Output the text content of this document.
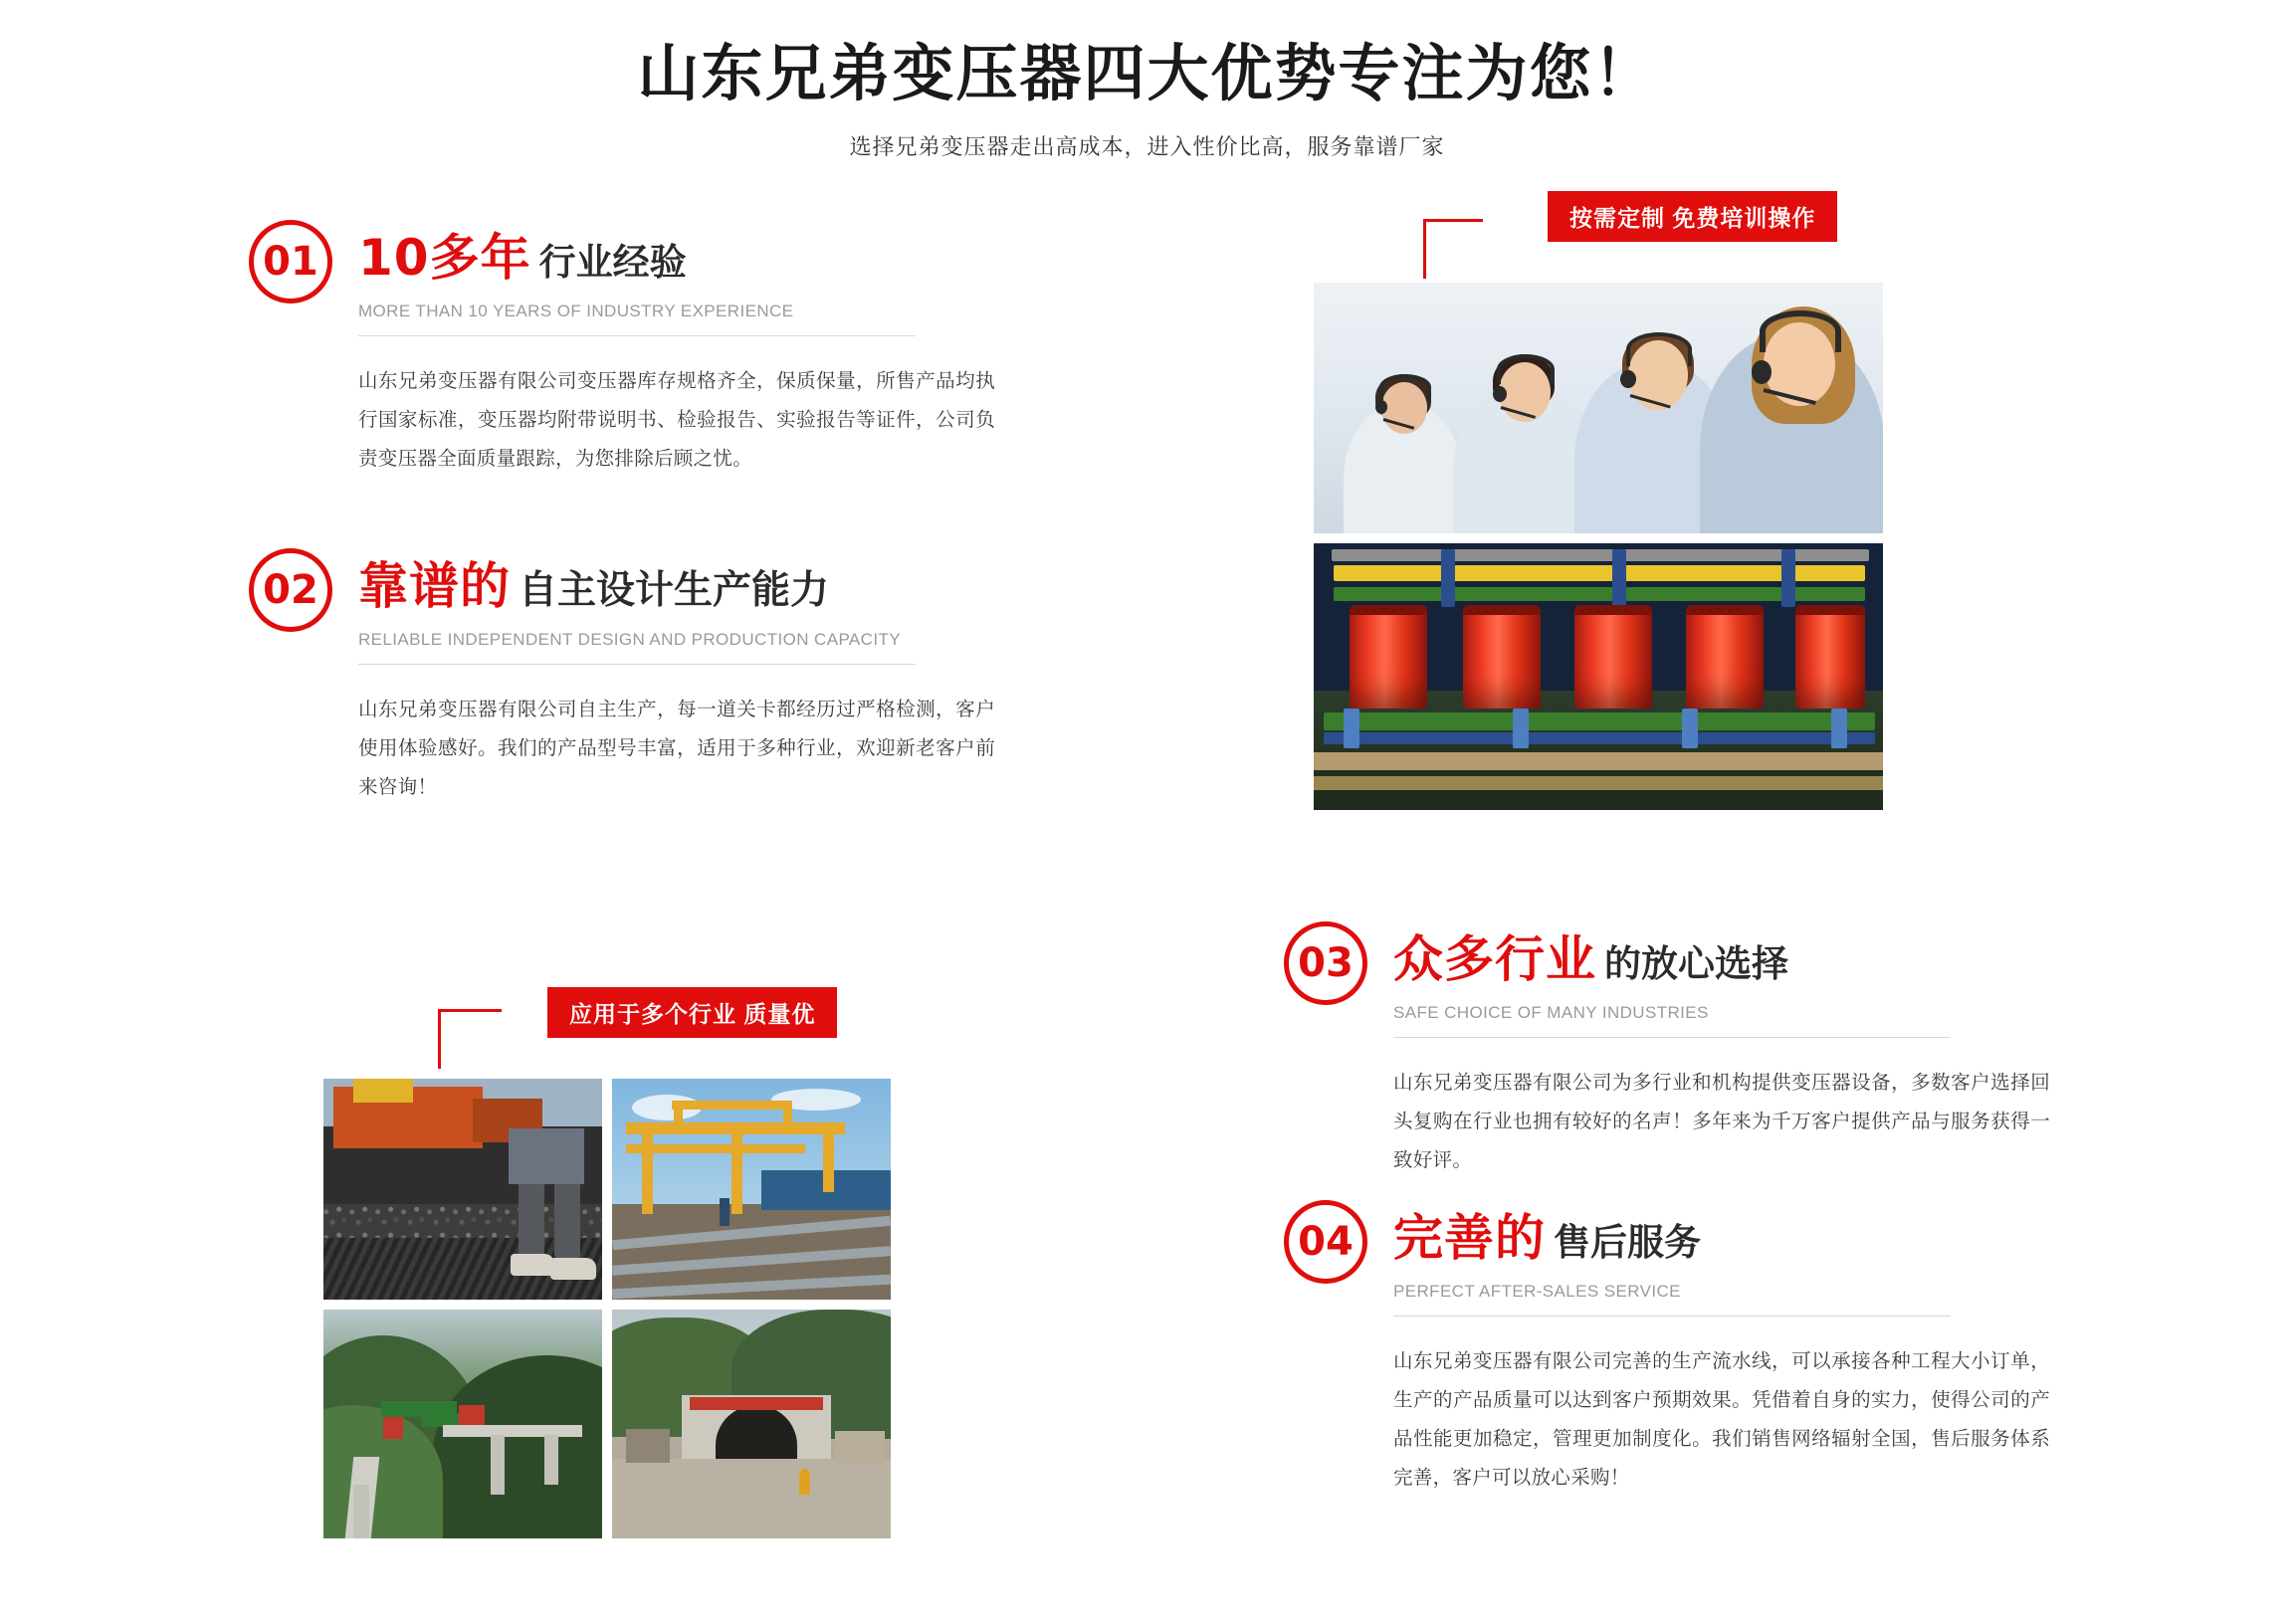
山东兄弟变压器四大优势专注为您！
选择兄弟变压器走出高成本，进入性价比高，服务靠谱厂家
01 10多年 行业经验
MORE THAN 10 YEARS OF INDUSTRY EXPERIENCE
山东兄弟变压器有限公司变压器库存规格齐全，保质保量，所售产品均执行国家标准，变压器均附带说明书、检验报告、实验报告等证件，公司负责变压器全面质量跟踪，为您排除后顾之忧。
02 靠谱的 自主设计生产能力
RELIABLE INDEPENDENT DESIGN AND PRODUCTION CAPACITY
山东兄弟变压器有限公司自主生产，每一道关卡都经历过严格检测，客户使用体验感好。我们的产品型号丰富，适用于多种行业，欢迎新老客户前来咨询！
03 众多行业 的放心选择
SAFE CHOICE OF MANY INDUSTRIES
山东兄弟变压器有限公司为多行业和机构提供变压器设备，多数客户选择回头复购在行业也拥有较好的名声！多年来为千万客户提供产品与服务获得一致好评。
04 完善的 售后服务
PERFECT AFTER-SALES SERVICE
山东兄弟变压器有限公司完善的生产流水线，可以承接各种工程大小订单，生产的产品质量可以达到客户预期效果。凭借着自身的实力，使得公司的产品性能更加稳定，管理更加制度化。我们销售网络辐射全国，售后服务体系完善，客户可以放心采购！
按需定制 免费培训操作
应用于多个行业 质量优
